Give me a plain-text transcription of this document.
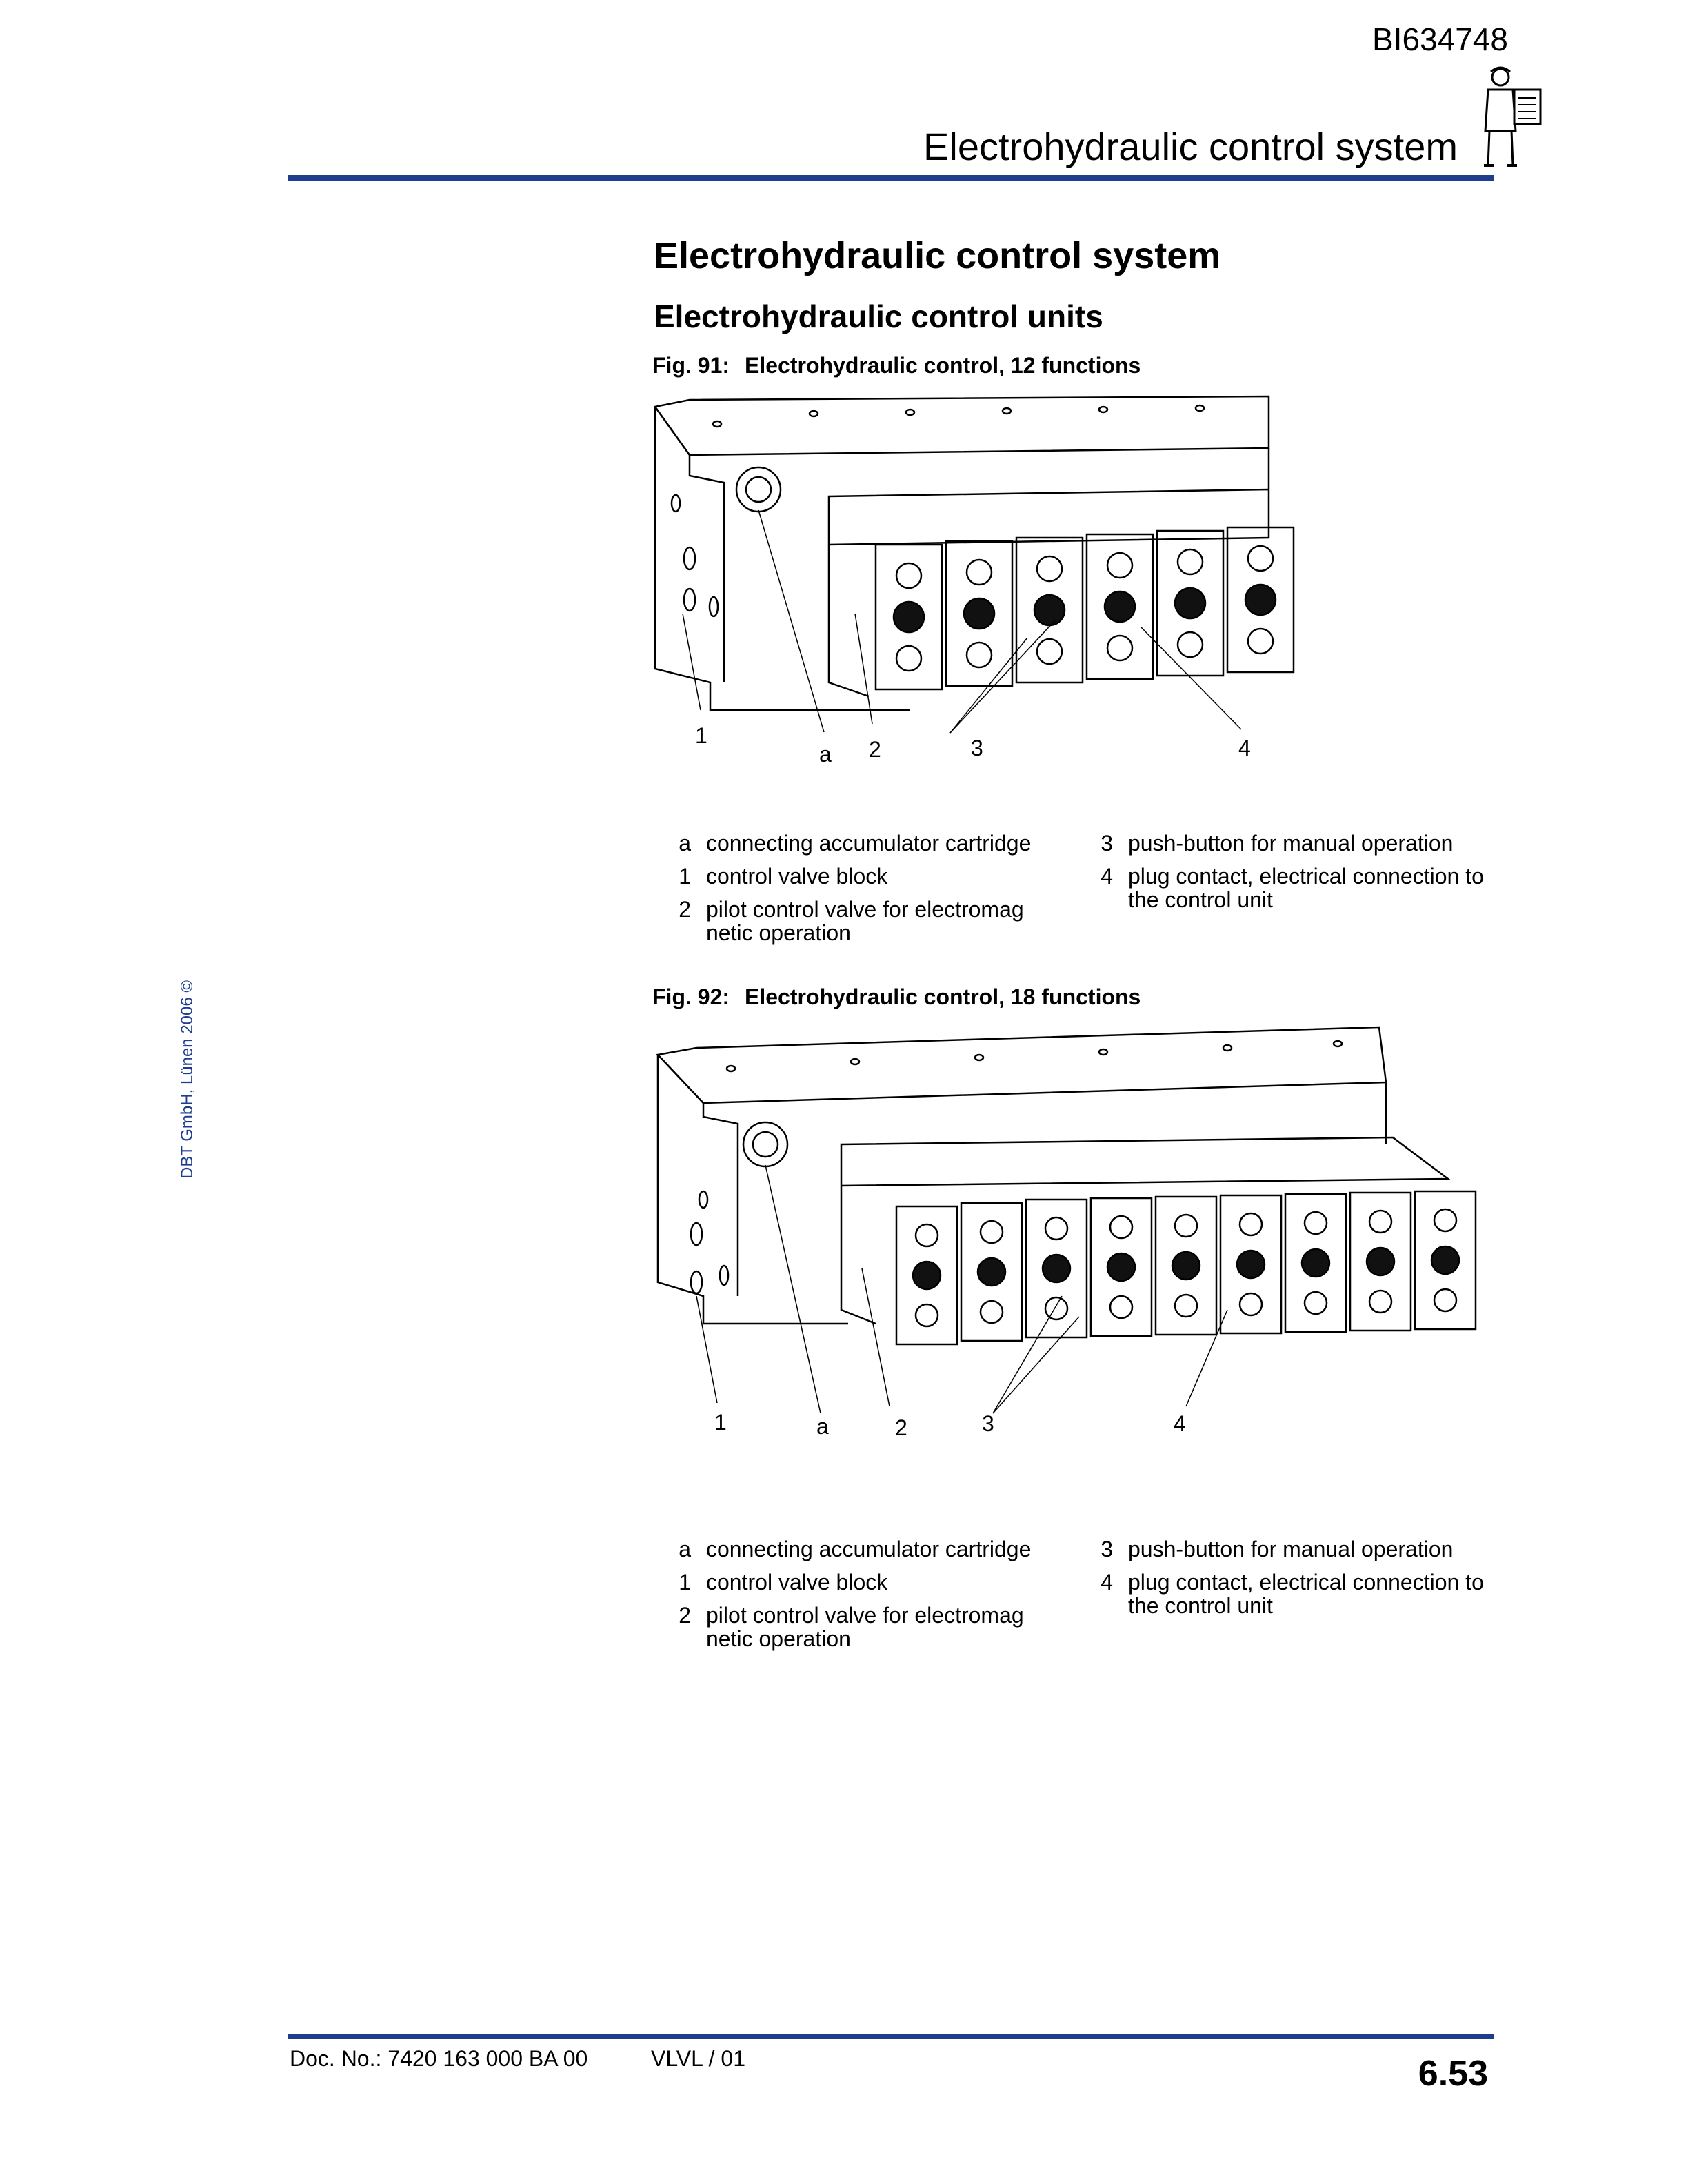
BI634748
Electrohydraulic control system
Electrohydraulic control system
Electrohydraulic control units
Fig. 91: Electrohydraulic control, 12 functions
1
a 2	3	4
a connecting accumulator cartridge
1 control valve block
2 pilot control valve for electromag netic operation
3 push-button for manual operation
4 plug contact, electrical connection to the control unit
Fig. 92: Electrohydraulic control, 18 functions
1	a	2	3	4
a connecting accumulator cartridge
1 control valve block
2 pilot control valve for electromag netic operation
3 push-button for manual operation
4 plug contact, electrical connection to the control unit
DBT GmbH, Lünen 2006 ©
Doc. No.: 7420 163 000 BA 00	VLVL / 01	6.53
